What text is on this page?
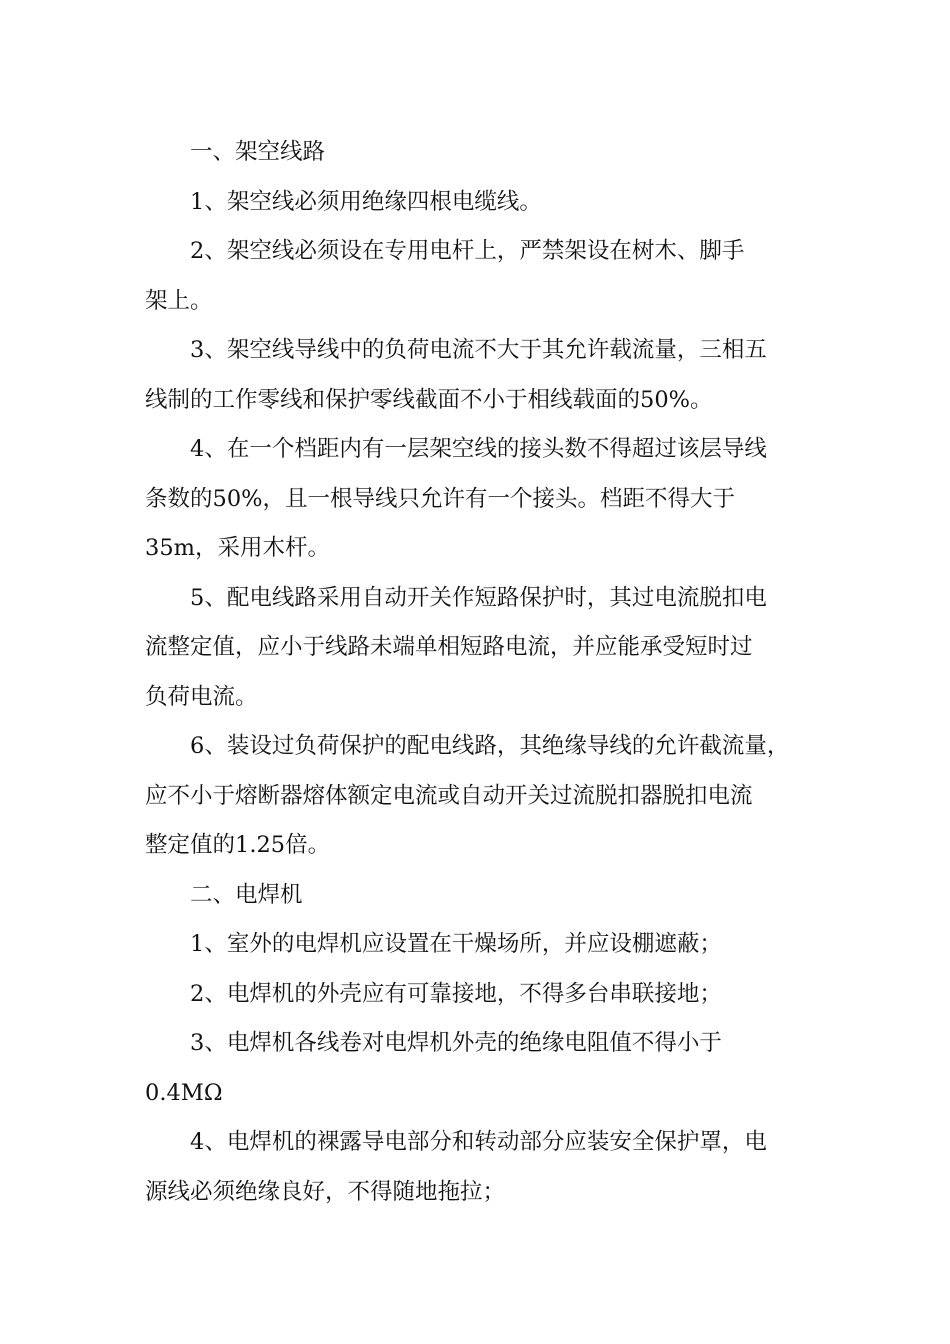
一、架空线路

1、架空线必须用绝缘四根电缆线。

2、架空线必须设在专用电杆上，严禁架设在树木、脚手
架上。

3、架空线导线中的负荷电流不大于其允许载流量，三相五
线制的工作零线和保护零线截面不小于相线载面的50%。

4、在一个档距内有一层架空线的接头数不得超过该层导线
条数的50%，且一根导线只允许有一个接头。档距不得大于
35m，采用木杆。

5、配电线路采用自动开关作短路保护时，其过电流脱扣电
流整定值，应小于线路未端单相短路电流，并应能承受短时过
负荷电流。

6、装设过负荷保护的配电线路，其绝缘导线的允许截流量，
应不小于熔断器熔体额定电流或自动开关过流脱扣器脱扣电流
整定值的1.25倍。

二、电焊机

1、室外的电焊机应设置在干燥场所，并应设棚遮蔽；

2、电焊机的外壳应有可靠接地，不得多台串联接地；

3、电焊机各线卷对电焊机外壳的绝缘电阻值不得小于
0.4MΩ

4、电焊机的裸露导电部分和转动部分应装安全保护罩，电
源线必须绝缘良好，不得随地拖拉；
